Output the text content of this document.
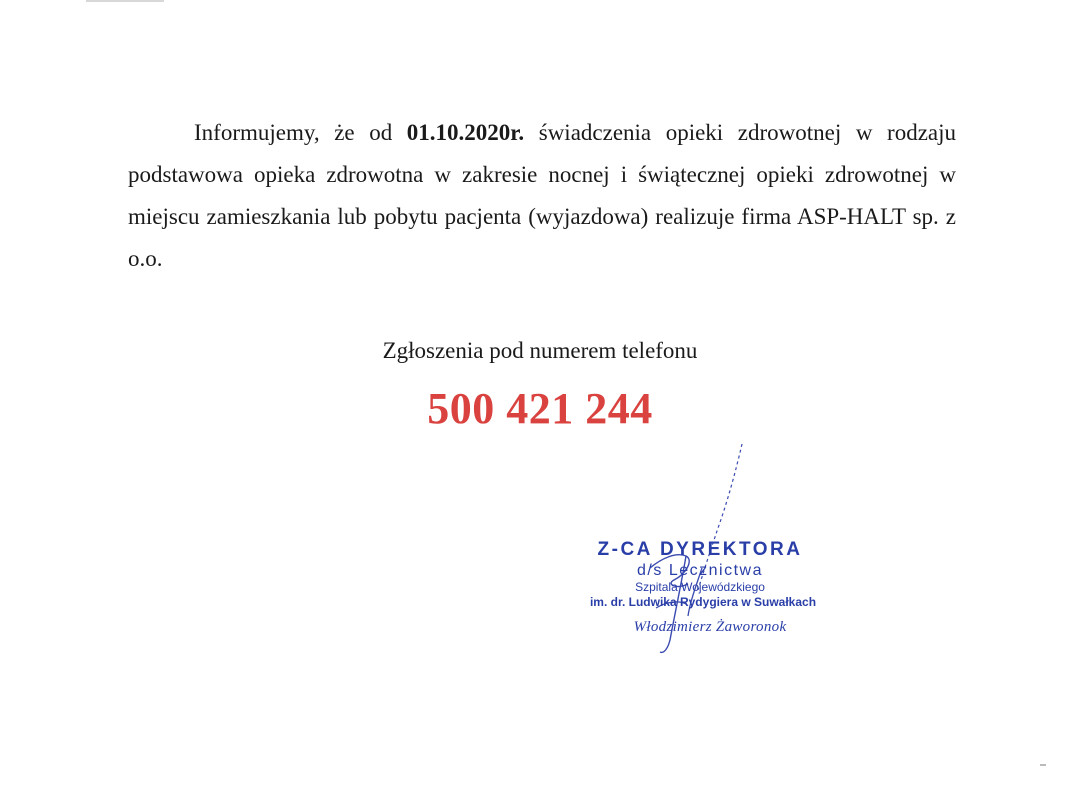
Informujemy, że od 01.10.2020r. świadczenia opieki zdrowotnej w rodzaju podstawowa opieka zdrowotna w zakresie nocnej i świątecznej opieki zdrowotnej w miejscu zamieszkania lub pobytu pacjenta (wyjazdowa) realizuje firma ASP-HALT sp. z o.o.

Zgłoszenia pod numerem telefonu
500 421 244
Z-CA DYREKTORA
d/s Lecznictwa
Szpitala Wojewódzkiego
im. dr. Ludwika Rydygiera w Suwałkach
Włodzimierz Żaworonok
